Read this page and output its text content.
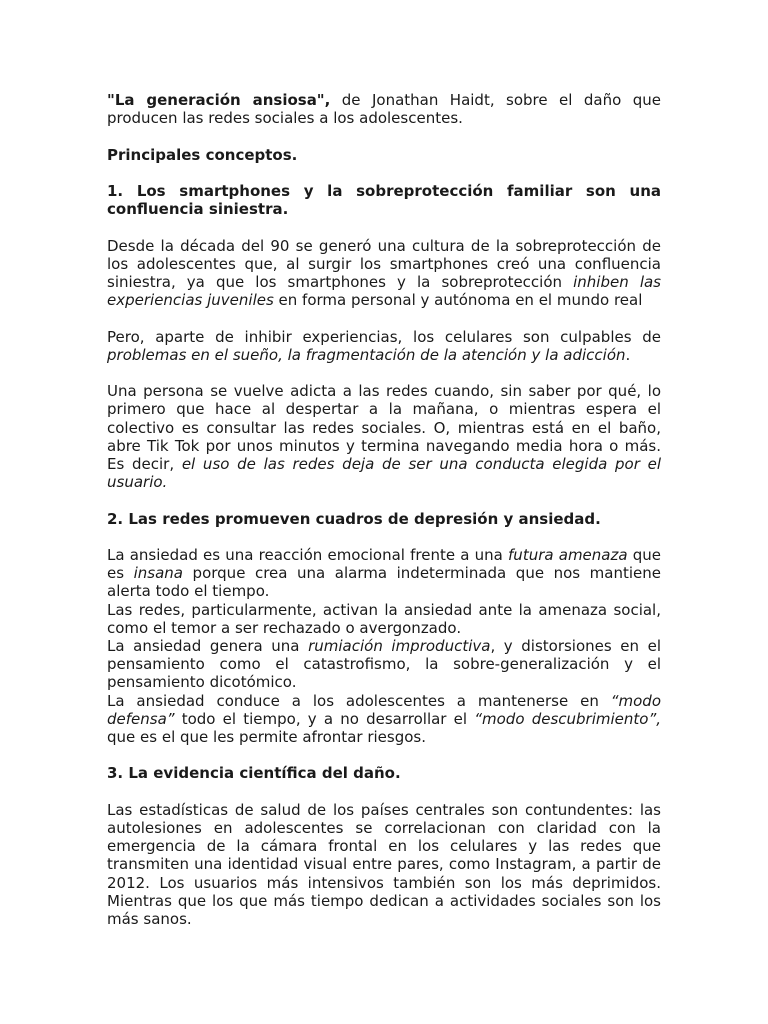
"La generación ansiosa", de Jonathan Haidt, sobre el daño que producen las redes sociales a los adolescentes.

Principales conceptos.

1. Los smartphones y la sobreprotección familiar son una confluencia siniestra.

Desde la década del 90 se generó una cultura de la sobreprotección de los adolescentes que, al surgir los smartphones creó una confluencia siniestra, ya que los smartphones y la sobreprotección inhiben las experiencias juveniles en forma personal y autónoma en el mundo real

Pero, aparte de inhibir experiencias, los celulares son culpables de problemas en el sueño, la fragmentación de la atención y la adicción.

Una persona se vuelve adicta a las redes cuando, sin saber por qué, lo primero que hace al despertar a la mañana, o mientras espera el colectivo es consultar las redes sociales. O, mientras está en el baño, abre Tik Tok por unos minutos y termina navegando media hora o más. Es decir, el uso de las redes deja de ser una conducta elegida por el usuario.

2. Las redes promueven cuadros de depresión y ansiedad.

La ansiedad es una reacción emocional frente a una futura amenaza que es insana porque crea una alarma indeterminada que nos mantiene alerta todo el tiempo.

Las redes, particularmente, activan la ansiedad ante la amenaza social, como el temor a ser rechazado o avergonzado.

La ansiedad genera una rumiación improductiva, y distorsiones en el pensamiento como el catastrofismo, la sobre-generalización y el pensamiento dicotómico.

La ansiedad conduce a los adolescentes a mantenerse en “modo defensa” todo el tiempo, y a no desarrollar el “modo descubrimiento”, que es el que les permite afrontar riesgos.

3. La evidencia científica del daño.

Las estadísticas de salud de los países centrales son contundentes: las autolesiones en adolescentes se correlacionan con claridad con la emergencia de la cámara frontal en los celulares y las redes que transmiten una identidad visual entre pares, como Instagram, a partir de 2012. Los usuarios más intensivos también son los más deprimidos. Mientras que los que más tiempo dedican a actividades sociales son los más sanos.
